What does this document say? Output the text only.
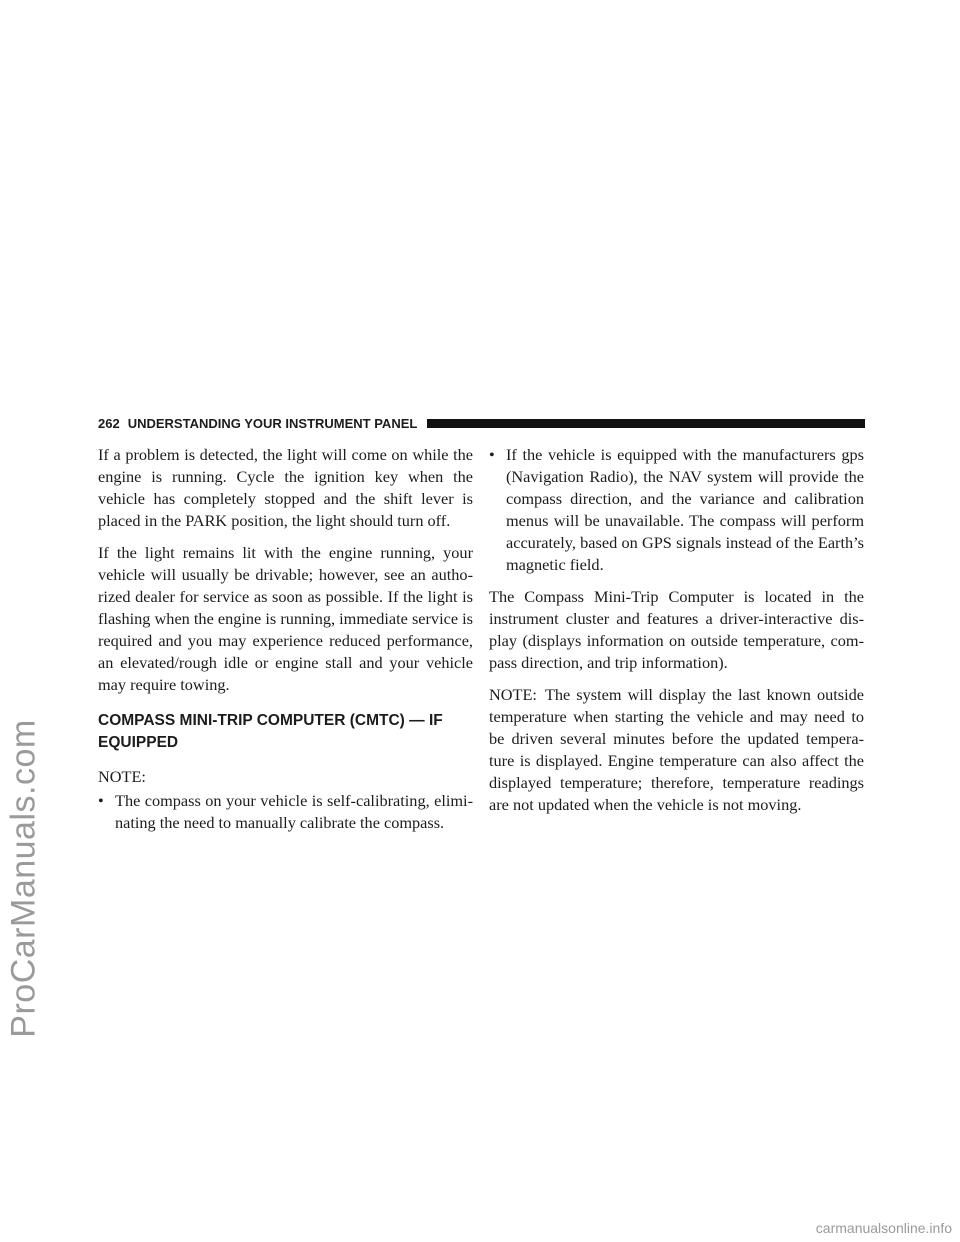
ProCarManuals.com
262 UNDERSTANDING YOUR INSTRUMENT PANEL

If a problem is detected, the light will come on while the engine is running. Cycle the ignition key when the vehicle has completely stopped and the shift lever is placed in the PARK position, the light should turn off.

If the light remains lit with the engine running, your vehicle will usually be drivable; however, see an autho- rized dealer for service as soon as possible. If the light is flashing when the engine is running, immediate service is required and you may experience reduced performance, an elevated/rough idle or engine stall and your vehicle may require towing.

COMPASS MINI-TRIP COMPUTER (CMTC) — IF EQUIPPED

NOTE:

• The compass on your vehicle is self-calibrating, elimi- nating the need to manually calibrate the compass.
• If the vehicle is equipped with the manufacturers gps (Navigation Radio), the NAV system will provide the compass direction, and the variance and calibration menus will be unavailable. The compass will perform accurately, based on GPS signals instead of the Earth’s magnetic field.

The Compass Mini-Trip Computer is located in the instrument cluster and features a driver-interactive dis- play (displays information on outside temperature, com- pass direction, and trip information).

NOTE: The system will display the last known outside temperature when starting the vehicle and may need to be driven several minutes before the updated tempera- ture is displayed. Engine temperature can also affect the displayed temperature; therefore, temperature readings are not updated when the vehicle is not moving.

carmanualsonline.info
